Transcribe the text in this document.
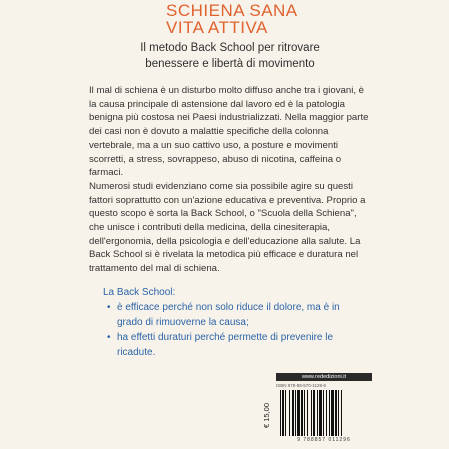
SCHIENA SANA
VITA ATTIVA
Il metodo Back School per ritrovare
benessere e libertà di movimento

Il mal di schiena è un disturbo molto diffuso anche tra i giovani, è la causa principale di astensione dal lavoro ed è la patologia benigna più costosa nei Paesi industrializzati. Nella maggior parte dei casi non è dovuto a malattie specifiche della colonna vertebrale, ma a un suo cattivo uso, a posture e movimenti scorretti, a stress, sovrappeso, abuso di nicotina, caffeina o farmaci.

Numerosi studi evidenziano come sia possibile agire su questi fattori soprattutto con un'azione educativa e preventiva. Proprio a questo scopo è sorta la Back School, o "Scuola della Schiena", che unisce i contributi della medicina, della cinesiterapia, dell'ergonomia, della psicologia e dell'educazione alla salute. La Back School si è rivelata la metodica più efficace e duratura nel trattamento del mal di schiena.

La Back School:
• è efficace perché non solo riduce il dolore, ma è in grado di rimuoverne la causa;
• ha effetti duraturi perché permette di prevenire le ricadute.
www.rededizioni.it
ISBN 978-88-570-1129-6
€ 15,00
9 788857 011296
